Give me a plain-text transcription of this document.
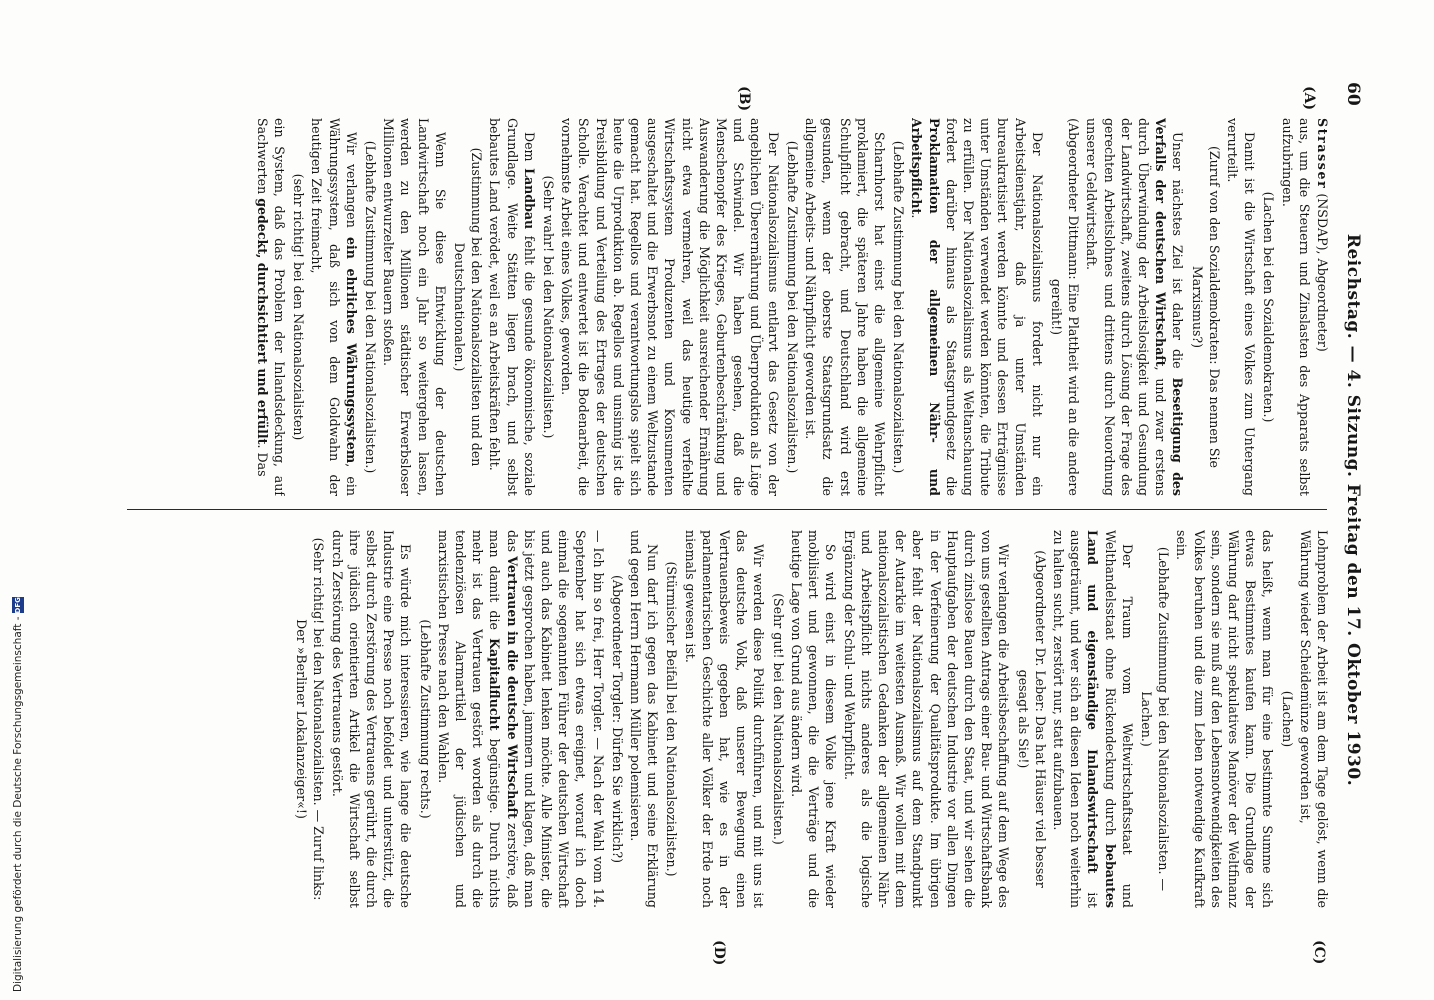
60
Reichstag. — 4. Sitzung. Freitag den 17. Oktober 1930.
(A)
(B)
(C)
(D)

Strasser (NSDAP), Abgeordneter)

aus, um die Steuern und Zinslasten des Apparats selbst aufzubringen.

(Lachen bei den Sozialdemokraten.)

Damit ist die Wirtschaft eines Volkes zum Untergang verurteilt.

(Zuruf von den Sozialdemokraten: Das nennen Sie Marxismus?)

Unser nächstes Ziel ist daher die Beseitigung des Verfalls der deutschen Wirtschaft, und zwar erstens durch Überwindung der Arbeitslosigkeit und Gesundung der Landwirtschaft, zweitens durch Lösung der Frage des gerechten Arbeitslohnes und drittens durch Neuordnung unserer Geldwirtschaft.

(Abgeordneter Dittmann: Eine Plattheit wird an die andere gereiht!)

Der Nationalsozialismus fordert nicht nur ein Arbeitsdienstjahr, daß ja unter Umständen bureaukratisiert werden könnte und dessen Erträgnisse unter Umständen verwendet werden könnten, die Tribute zu erfüllen. Der Nationalsozialismus als Weltanschauung fordert darüber hinaus als Staatsgrundgesetz die Proklamation der allgemeinen Nähr- und Arbeitspflicht.

(Lebhafte Zustimmung bei den Nationalsozialisten.)

Scharnhorst hat einst die allgemeine Wehrpflicht proklamiert, die späteren Jahre haben die allgemeine Schulpflicht gebracht, und Deutschland wird erst gesunden, wenn der oberste Staatsgrundsatz die allgemeine Arbeits- und Nährpflicht geworden ist.

(Lebhafte Zustimmung bei den Nationalsozialisten.)

Der Nationalsozialismus entlarvt das Gesetz von der angeblichen Überernährung und Überproduktion als Lüge und Schwindel. Wir haben gesehen, daß die Menschenopfer des Krieges, Geburtenbeschränkung und Auswanderung die Möglichkeit ausreichender Ernährung nicht etwa vermehren, weil das heutige verfehlte Wirtschaftssystem Produzenten und Konsumenten ausgeschaltet und die Erwerbsnot zu einem Weltzustande gemacht hat. Regellos und verantwortungslos spielt sich heute die Urproduktion ab. Regellos und unsinnig ist die Preisbildung und Verteilung des Ertrages der deutschen Scholle. Verachtet und entwertet ist die Bodenarbeit, die vornehmste Arbeit eines Volkes, geworden.

(Sehr wahr! bei den Nationalsozialisten.)

Dem Landbau fehlt die gesunde ökonomische, soziale Grundlage. Weite Stätten liegen brach, und selbst bebautes Land verödet, weil es an Arbeitskräften fehlt.

(Zustimmung bei den Nationalsozialisten und den Deutschnationalen.)

Wenn Sie diese Entwicklung der deutschen Landwirtschaft noch ein Jahr so weitergehen lassen, werden zu den Millionen städtischer Erwerbsloser Millionen entwurzelter Bauern stoßen.

(Lebhafte Zustimmung bei den Nationalsozialisten.)

Wir verlangen ein ehrliches Währungssystem, ein Währungssystem, daß sich von dem Goldwahn der heutigen Zeit freimacht,

(sehr richtig! bei den Nationalsozialisten)

ein System, daß das Problem der Inlandsdeckung, auf Sachwerten gedeckt, durchsichtiert und erfüllt. Das

Lohnproblem der Arbeit ist am dem Tage gelöst, wenn die Währung wieder Scheidemünze geworden ist,

(Lachen)

das heißt, wenn man für eine bestimmte Summe sich etwas Bestimmtes kaufen kann. Die Grundlage der Währung darf nicht spekulatives Manöver der Weltfinanz sein, sondern sie muß auf den Lebensnotwendigkeiten des Volkes beruhen und die zum Leben notwendige Kaufkraft sein.

(Lebhafte Zustimmung bei den Nationalsozialisten. — Lachen.)

Der Traum vom Weltwirtschaftsstaat und Welthandelsstaat ohne Rückendeckung durch bebautes Land und eigenständige Inlandswirtschaft ist ausgeträumt, und wer sich an diesen Ideen noch weiterhin zu halten sucht, zerstört nur, statt aufzubauen.

(Abgeordneter Dr. Leber: Das hat Häuser viel besser gesagt als Sie!)

Wir verlangen die Arbeitsbeschaffung auf dem Wege des von uns gestellten Antrags einer Bau- und Wirtschaftsbank durch zinslose Bauen durch den Staat, und wir sehen die Hauptaufgaben der deutschen Industrie vor allen Dingen in der Verfeinerung der Qualitätsprodukte. Im übrigen aber fehlt der Nationalsozialismus auf dem Standpunkt der Autarkie im weitesten Ausmaß. Wir wollen mit dem nationalsozialistischen Gedanken der allgemeinen Nähr- und Arbeitspflicht nichts anderes als die logische Ergänzung der Schul- und Wehrpflicht.

So wird einst in diesem Volke jene Kraft wieder mobilisiert und gewonnen, die die Verträge und die heutige Lage von Grund aus ändern wird.

(Sehr gut! bei den Nationalsozialisten.)

Wir werden diese Politik durchführen, und mit uns ist das deutsche Volk, daß unserer Bewegung einen Vertrauensbeweis gegeben hat, wie es in der parlamentarischen Geschichte aller Völker der Erde noch niemals gewesen ist.

(Stürmischer Beifall bei den Nationalsozialisten.)

Nun darf ich gegen das Kabinett und seine Erklärung und gegen Herrn Hermann Müller polemisieren.

(Abgeordneter Torgler: Dürfen Sie wirklich?)

— Ich bin so frei, Herr Torgler. — Nach der Wahl vom 14. September hat sich etwas ereignet, worauf ich doch einmal die sogenannten Führer der deutschen Wirtschaft und auch das Kabinett lenken möchte. Alle Minister, die bis jetzt gesprochen haben, jammern und klagen, daß man das Vertrauen in die deutsche Wirtschaft zerstöre, daß man damit die Kapitalflucht begünstige. Durch nichts mehr ist das Vertrauen gestört worden als durch die tendenziösen Alarmartikel der jüdischen und marxistischen Presse nach den Wahlen.

(Lebhafte Zustimmung rechts.)

Es würde mich interessieren, wie lange die deutsche Industrie eine Presse noch befoldet und unterstützt, die selbst durch Zerstörung des Vertrauens gerührt, die durch ihre jüdisch orientierten Artikel die Wirtschaft selbst durch Zerstörung des Vertrauens gestört.

(Sehr richtig! bei den Nationalsozialisten. — Zuruf links: Der »Berliner Lokalanzeiger«!)

Digitalisierung gefördert durch die Deutsche Forschungsgemeinschaft -
DFG
